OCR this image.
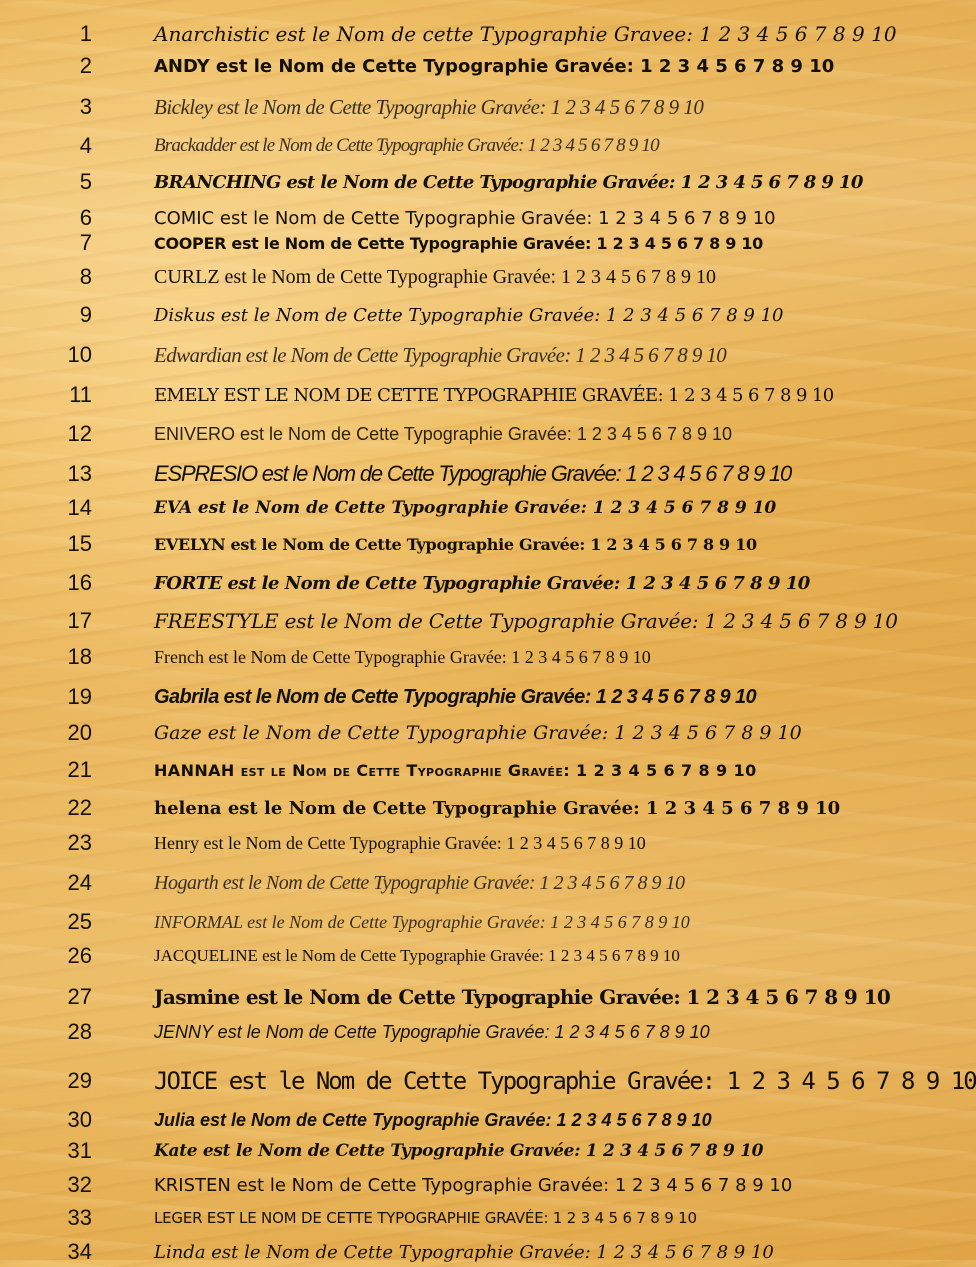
1	Anarchistic est le Nom de cette Typographie Gravee: 1 2 3 4 5 6 7 8 9 10
2	ANDY est le Nom de Cette Typographie Gravée: 1 2 3 4 5 6 7 8 9 10
3	Bickley est le Nom de Cette Typographie Gravée: 1 2 3 4 5 6 7 8 9 10
4	Brackadder est le Nom de Cette Typographie Gravée: 1 2 3 4 5 6 7 8 9 10
5	BRANCHING est le Nom de Cette Typographie Gravée: 1 2 3 4 5 6 7 8 9 10
6	COMIC est le Nom de Cette Typographie Gravée: 1 2 3 4 5 6 7 8 9 10
7	COOPER est le Nom de Cette Typographie Gravée: 1 2 3 4 5 6 7 8 9 10
8	CURLZ est le Nom de Cette Typographie Gravée: 1 2 3 4 5 6 7 8 9 10
9	Diskus est le Nom de Cette Typographie Gravée: 1 2 3 4 5 6 7 8 9 10
10	Edwardian est le Nom de Cette Typographie Gravée: 1 2 3 4 5 6 7 8 9 10
11	EMELY EST LE NOM DE CETTE TYPOGRAPHIE GRAVÉE: 1 2 3 4 5 6 7 8 9 10
12	ENIVERO est le Nom de Cette Typographie Gravée: 1 2 3 4 5 6 7 8 9 10
13	ESPRESIO est le Nom de Cette Typographie Gravée: 1 2 3 4 5 6 7 8 9 10
14	EVA est le Nom de Cette Typographie Gravée: 1 2 3 4 5 6 7 8 9 10
15	EVELYN est le Nom de Cette Typographie Gravée: 1 2 3 4 5 6 7 8 9 10
16	FORTE est le Nom de Cette Typographie Gravée: 1 2 3 4 5 6 7 8 9 10
17	FREESTYLE est le Nom de Cette Typographie Gravée: 1 2 3 4 5 6 7 8 9 10
18	French est le Nom de Cette Typographie Gravée: 1 2 3 4 5 6 7 8 9 10
19	Gabrila est le Nom de Cette Typographie Gravée: 1 2 3 4 5 6 7 8 9 10
20	Gaze est le Nom de Cette Typographie Gravée: 1 2 3 4 5 6 7 8 9 10
21	HANNAH est le Nom de Cette Typographie Gravée: 1 2 3 4 5 6 7 8 9 10
22	helena est le Nom de Cette Typographie Gravée: 1 2 3 4 5 6 7 8 9 10
23	Henry est le Nom de Cette Typographie Gravée: 1 2 3 4 5 6 7 8 9 10
24	Hogarth est le Nom de Cette Typographie Gravée: 1 2 3 4 5 6 7 8 9 10
25	INFORMAL est le Nom de Cette Typographie Gravée: 1 2 3 4 5 6 7 8 9 10
26	JACQUELINE est le Nom de Cette Typographie Gravée: 1 2 3 4 5 6 7 8 9 10
27	Jasmine est le Nom de Cette Typographie Gravée: 1 2 3 4 5 6 7 8 9 10
28	JENNY est le Nom de Cette Typographie Gravée: 1 2 3 4 5 6 7 8 9 10
29	JOICE est le Nom de Cette Typographie Gravée: 1 2 3 4 5 6 7 8 9 10
30	Julia est le Nom de Cette Typographie Gravée: 1 2 3 4 5 6 7 8 9 10
31	Kate est le Nom de Cette Typographie Gravée: 1 2 3 4 5 6 7 8 9 10
32	KRISTEN est le Nom de Cette Typographie Gravée: 1 2 3 4 5 6 7 8 9 10
33	LEGER EST LE NOM DE CETTE TYPOGRAPHIE GRAVÉE: 1 2 3 4 5 6 7 8 9 10
34	Linda est le Nom de Cette Typographie Gravée: 1 2 3 4 5 6 7 8 9 10
